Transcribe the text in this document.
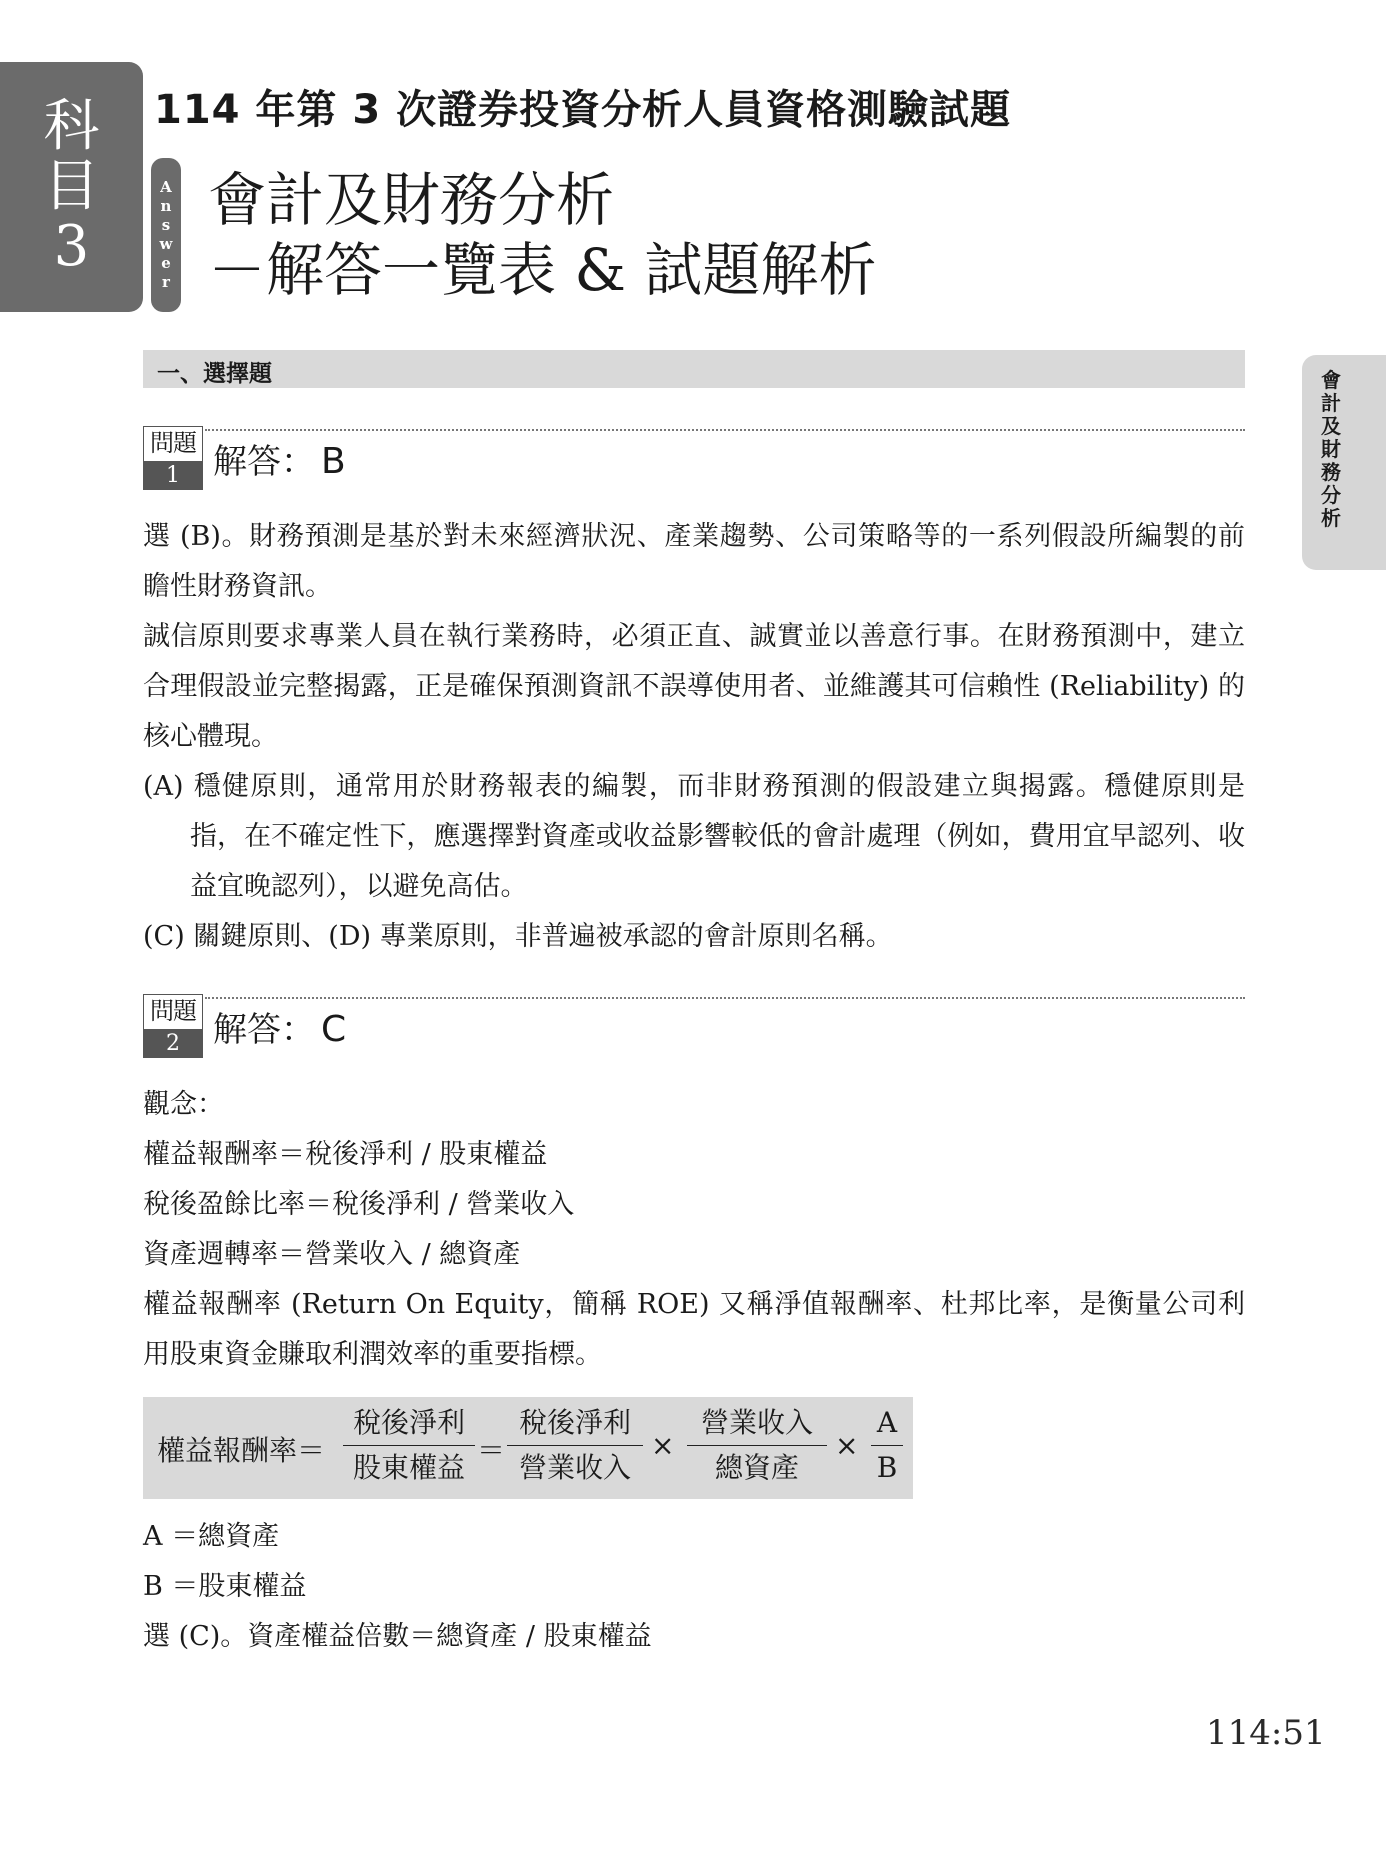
科
目
3
A
n
s
w
e
r
114 年第 3 次證券投資分析人員資格測驗試題
會計及財務分析
－解答一覽表 & 試題解析
一、選擇題	會
計
及
財
務
分
析
問題
1 解答： B

選 (B)。財務預測是基於對未來經濟狀況、產業趨勢、公司策略等的一系列假設所編製的前瞻性財務資訊。

誠信原則要求專業人員在執行業務時，必須正直、誠實並以善意行事。在財務預測中，建立合理假設並完整揭露，正是確保預測資訊不誤導使用者、並維護其可信賴性 (Reliability) 的核心體現。

(A) 穩健原則，通常用於財務報表的編製，而非財務預測的假設建立與揭露。穩健原則是指，在不確定性下，應選擇對資產或收益影響較低的會計處理（例如，費用宜早認列、收益宜晚認列），以避免高估。

(C) 關鍵原則、(D) 專業原則，非普遍被承認的會計原則名稱。

問題
2 解答： C

觀念：

權益報酬率＝稅後淨利 / 股東權益

稅後盈餘比率＝稅後淨利 / 營業收入

資產週轉率＝營業收入 / 總資產

權益報酬率 (Return On Equity，簡稱 ROE) 又稱淨值報酬率、杜邦比率，是衡量公司利用股東資金賺取利潤效率的重要指標。

權益報酬率＝
稅後淨利
股東權益
＝
稅後淨利
營業收入
×
營業收入
總資產
× $\frac{A}{B}$

A ＝總資產

B ＝股東權益

選 (C)。資產權益倍數＝總資產 / 股東權益

114:51
